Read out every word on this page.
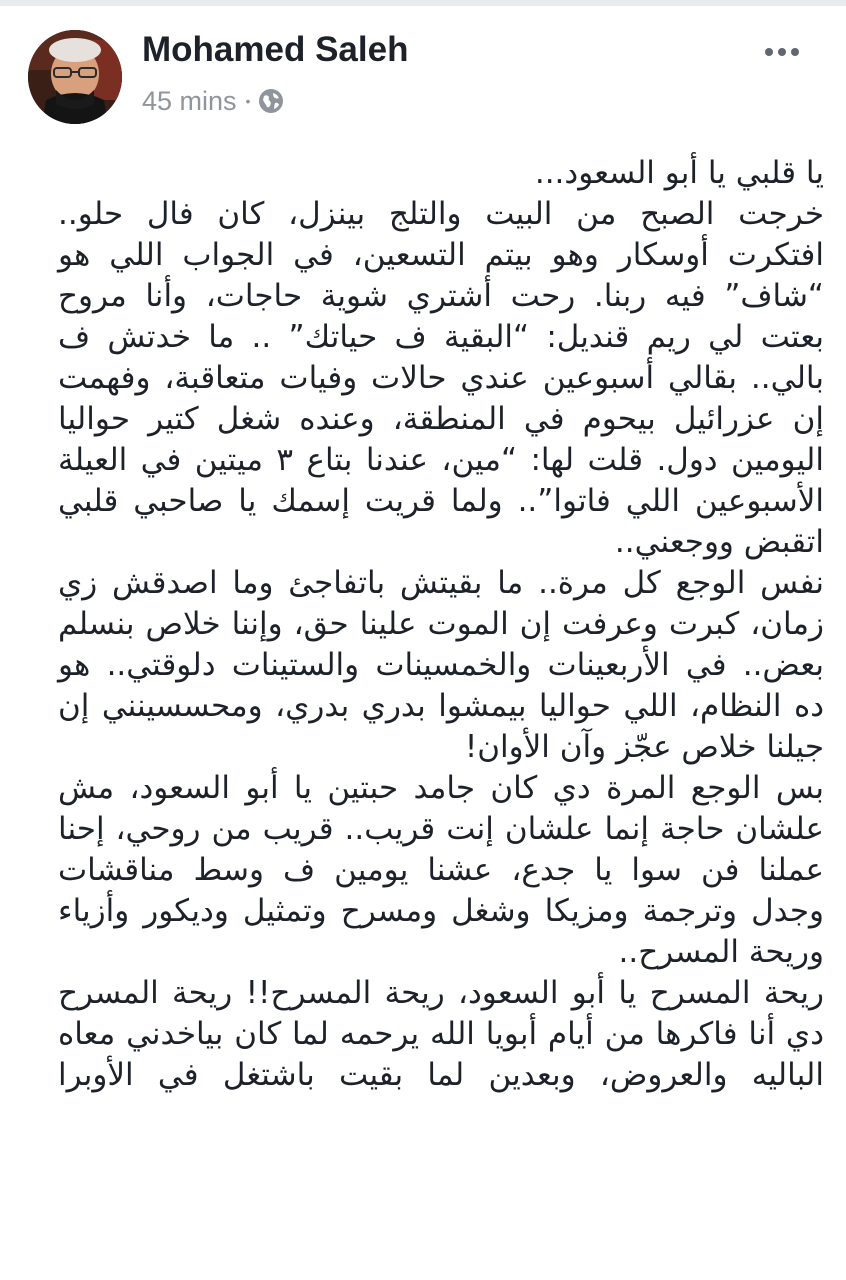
Mohamed Saleh
45 mins •
يا قلبي يا أبو السعود...
خرجت الصبح من البيت والتلج بينزل، كان فال حلو..
افتكرت أوسكار وهو بيتم التسعين، في الجواب اللي هو
“شاف” فيه ربنا. رحت أشتري شوية حاجات، وأنا مروح
بعتت لي ريم قنديل: “البقية ف حياتك” .. ما خدتش ف
بالي.. بقالي أسبوعين عندي حالات وفيات متعاقبة، وفهمت
إن عزرائيل بيحوم في المنطقة، وعنده شغل كتير حواليا
اليومين دول. قلت لها: “مين، عندنا بتاع ٣ ميتين في العيلة
الأسبوعين اللي فاتوا”.. ولما قريت إسمك يا صاحبي قلبي
اتقبض ووجعني..
نفس الوجع كل مرة.. ما بقيتش باتفاجئ وما اصدقش زي
زمان، كبرت وعرفت إن الموت علينا حق، وإننا خلاص بنسلم
بعض.. في الأربعينات والخمسينات والستينات دلوقتي.. هو
ده النظام، اللي حواليا بيمشوا بدري بدري، ومحسسينني إن
جيلنا خلاص عجّز وآن الأوان!
بس الوجع المرة دي كان جامد حبتين يا أبو السعود، مش
علشان حاجة إنما علشان إنت قريب.. قريب من روحي، إحنا
عملنا فن سوا يا جدع، عشنا يومين ف وسط مناقشات
وجدل وترجمة ومزيكا وشغل ومسرح وتمثيل وديكور وأزياء
وريحة المسرح..
ريحة المسرح يا أبو السعود، ريحة المسرح!! ريحة المسرح
دي أنا فاكرها من أيام أبويا الله يرحمه لما كان بياخدني معاه
الباليه والعروض، وبعدين لما بقيت باشتغل في الأوبرا
